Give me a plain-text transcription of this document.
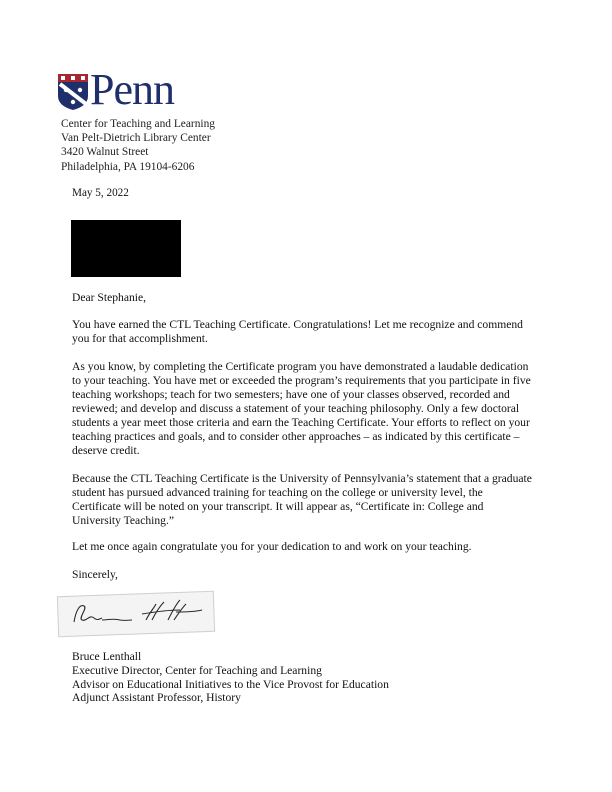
Penn
Center for Teaching and Learning
Van Pelt-Dietrich Library Center
3420 Walnut Street
Philadelphia, PA 19104-6206
May 5, 2022
Dear Stephanie,
You have earned the CTL Teaching Certificate. Congratulations! Let me recognize and commend you for that accomplishment.
As you know, by completing the Certificate program you have demonstrated a laudable dedication to your teaching. You have met or exceeded the program’s requirements that you participate in five teaching workshops; teach for two semesters; have one of your classes observed, recorded and reviewed; and develop and discuss a statement of your teaching philosophy. Only a few doctoral students a year meet those criteria and earn the Teaching Certificate. Your efforts to reflect on your teaching practices and goals, and to consider other approaches – as indicated by this certificate – deserve credit.
Because the CTL Teaching Certificate is the University of Pennsylvania’s statement that a graduate student has pursued advanced training for teaching on the college or university level, the Certificate will be noted on your transcript. It will appear as, “Certificate in: College and University Teaching.”
Let me once again congratulate you for your dedication to and work on your teaching.
Sincerely,
Bruce Lenthall
Executive Director, Center for Teaching and Learning
Advisor on Educational Initiatives to the Vice Provost for Education
Adjunct Assistant Professor, History
